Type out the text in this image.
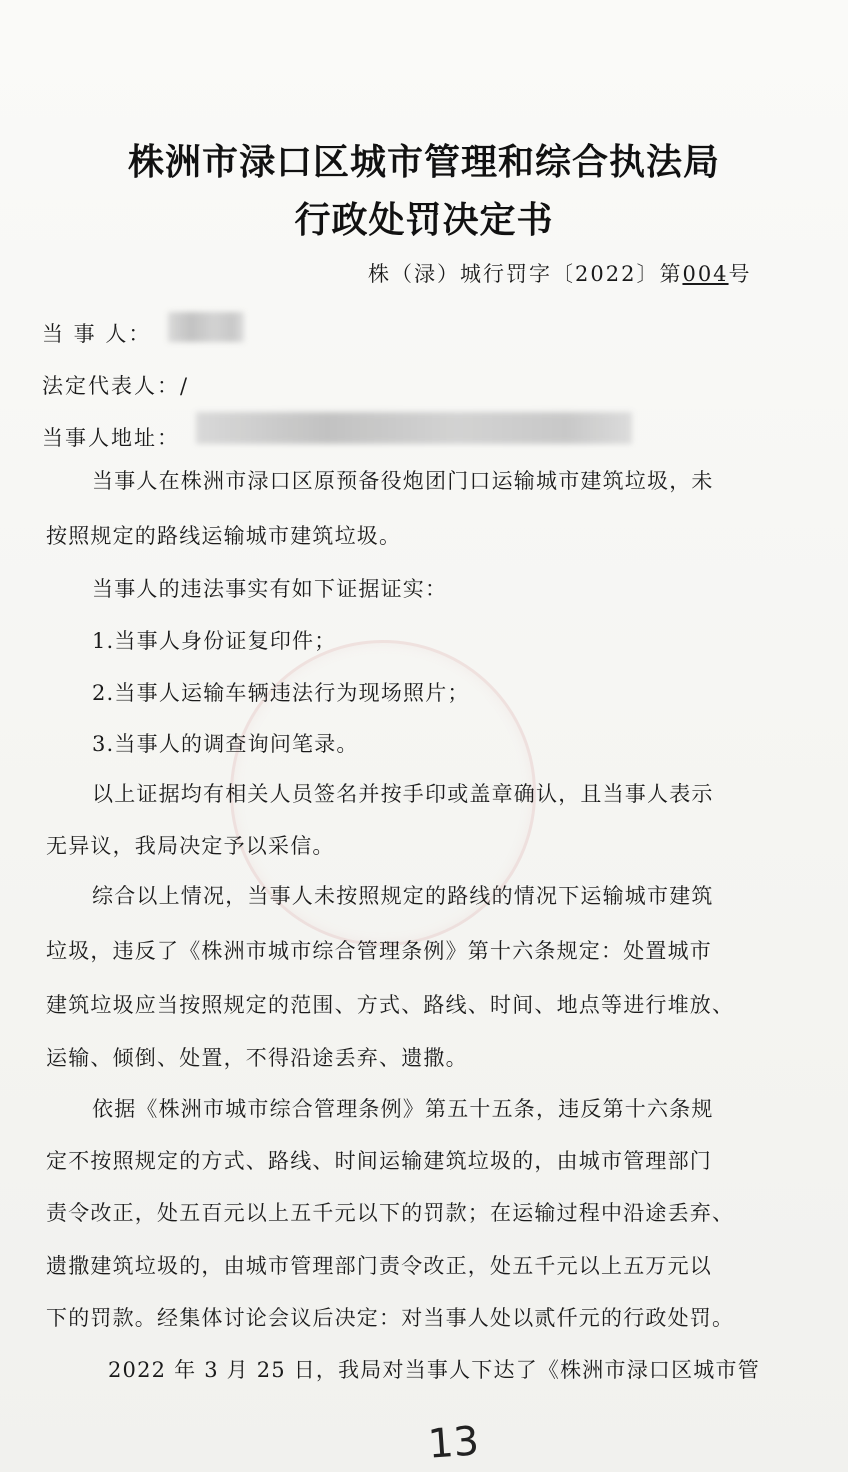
株洲市渌口区城市管理和综合执法局
行政处罚决定书
株（渌）城行罚字〔2022〕第004号
当 事 人：
法定代表人：/
当事人地址：
当事人在株洲市渌口区原预备役炮团门口运输城市建筑垃圾，未
按照规定的路线运输城市建筑垃圾。
当事人的违法事实有如下证据证实：
1.当事人身份证复印件；
2.当事人运输车辆违法行为现场照片；
3.当事人的调查询问笔录。
以上证据均有相关人员签名并按手印或盖章确认，且当事人表示
无异议，我局决定予以采信。
综合以上情况，当事人未按照规定的路线的情况下运输城市建筑
垃圾，违反了《株洲市城市综合管理条例》第十六条规定：处置城市
建筑垃圾应当按照规定的范围、方式、路线、时间、地点等进行堆放、
运输、倾倒、处置，不得沿途丢弃、遗撒。
依据《株洲市城市综合管理条例》第五十五条，违反第十六条规
定不按照规定的方式、路线、时间运输建筑垃圾的，由城市管理部门
责令改正，处五百元以上五千元以下的罚款；在运输过程中沿途丢弃、
遗撒建筑垃圾的，由城市管理部门责令改正，处五千元以上五万元以
下的罚款。经集体讨论会议后决定：对当事人处以贰仟元的行政处罚。
2022 年 3 月 25 日，我局对当事人下达了《株洲市渌口区城市管
13
